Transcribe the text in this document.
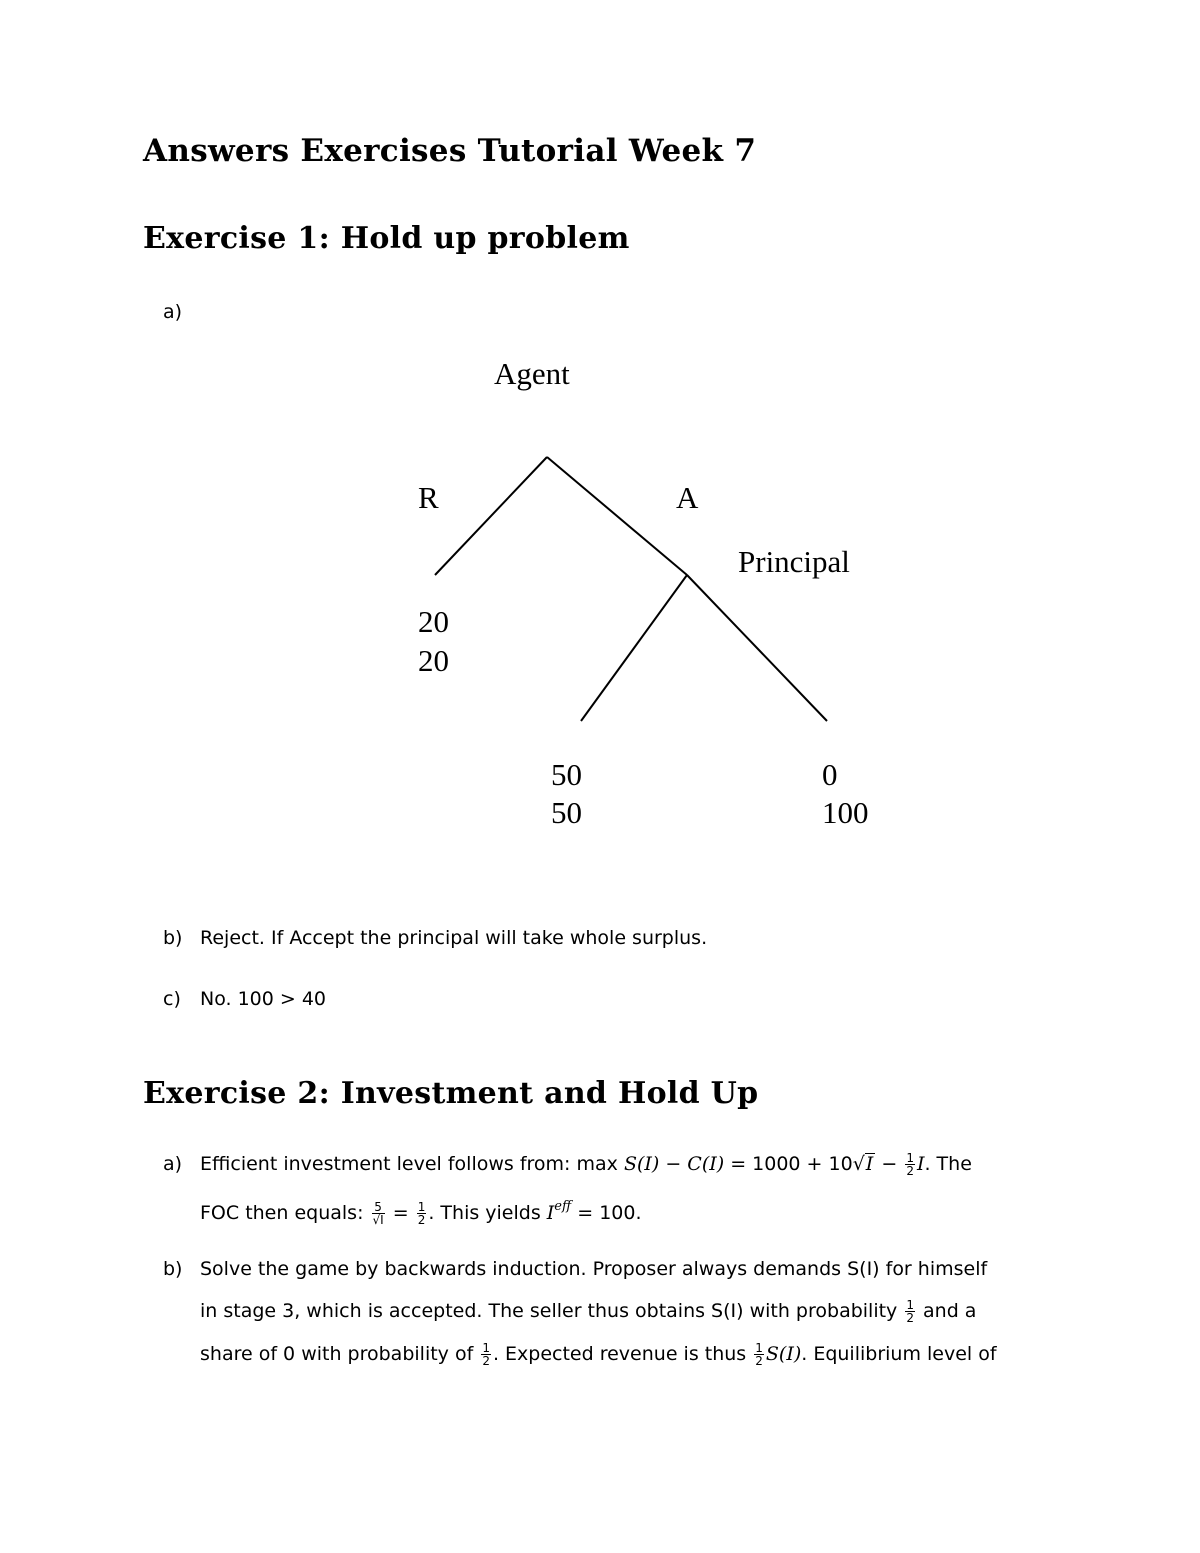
Answers Exercises Tutorial Week 7
Exercise 1: Hold up problem
a)
Agent
R	A
Principal
20
20
50
50
0
100
b) Reject. If Accept the principal will take whole surplus.
c) No. 100 > 40
Exercise 2: Investment and Hold Up
a) Efficient investment level follows from: $\max S(I) - C(I) = 1000 + 10√I - \frac{1}{2} I$. The
FOC then equals: $\frac{5}{√I} = \frac{1}{2}$ . This yields $I^{eff} = 100$.
b) Solve the game by backwards induction. Proposer always demands S(I) for himself
in stage 3, which is accepted. The seller thus obtains S(I) with probability $\frac{1}{2}$ and a
share of 0 with probability of $\frac{1}{2}$ . Expected revenue is thus $\frac{1}{2} S(I)$. Equilibrium level of
